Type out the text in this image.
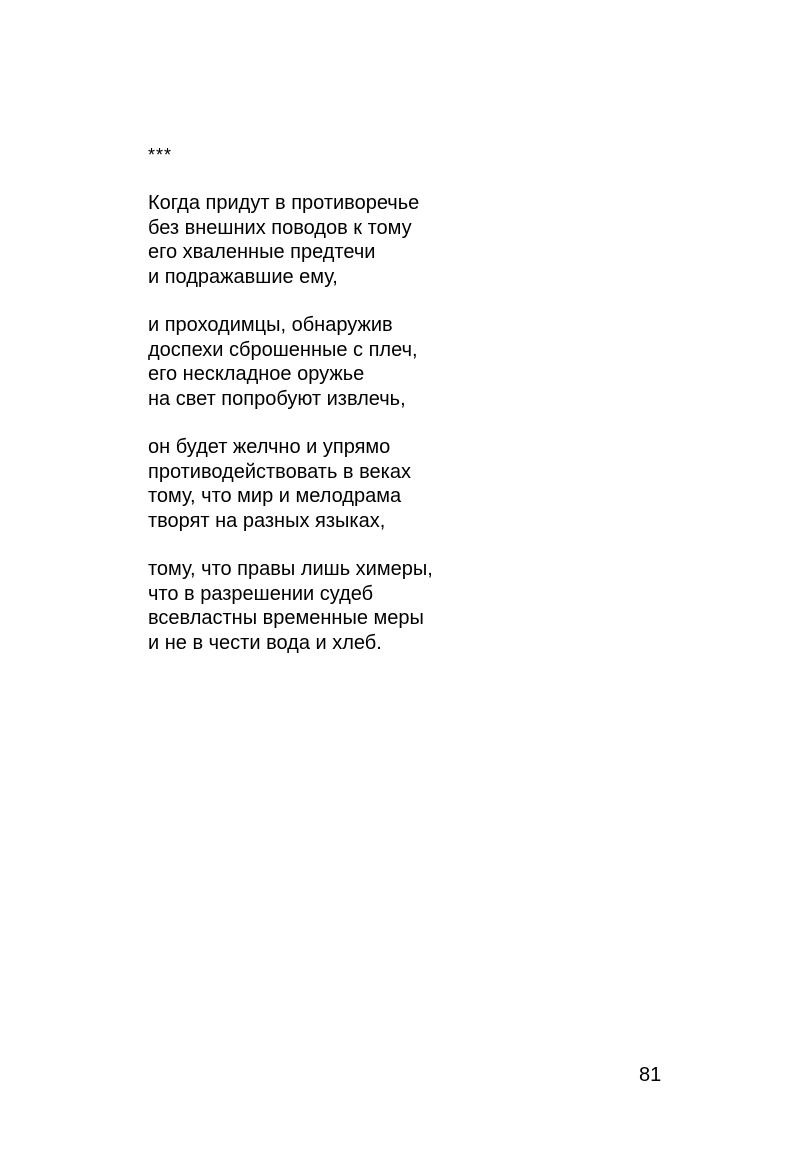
***
Когда придут в противоречье
без внешних поводов к тому
его хваленные предтечи
и подражавшие ему,
и проходимцы, обнаружив
доспехи сброшенные с плеч,
его нескладное оружье
на свет попробуют извлечь,
он будет желчно и упрямо
противодействовать в веках
тому, что мир и мелодрама
творят на разных языках,
тому, что правы лишь химеры,
что в разрешении судеб
всевластны временные меры
и не в чести вода и хлеб.
81
